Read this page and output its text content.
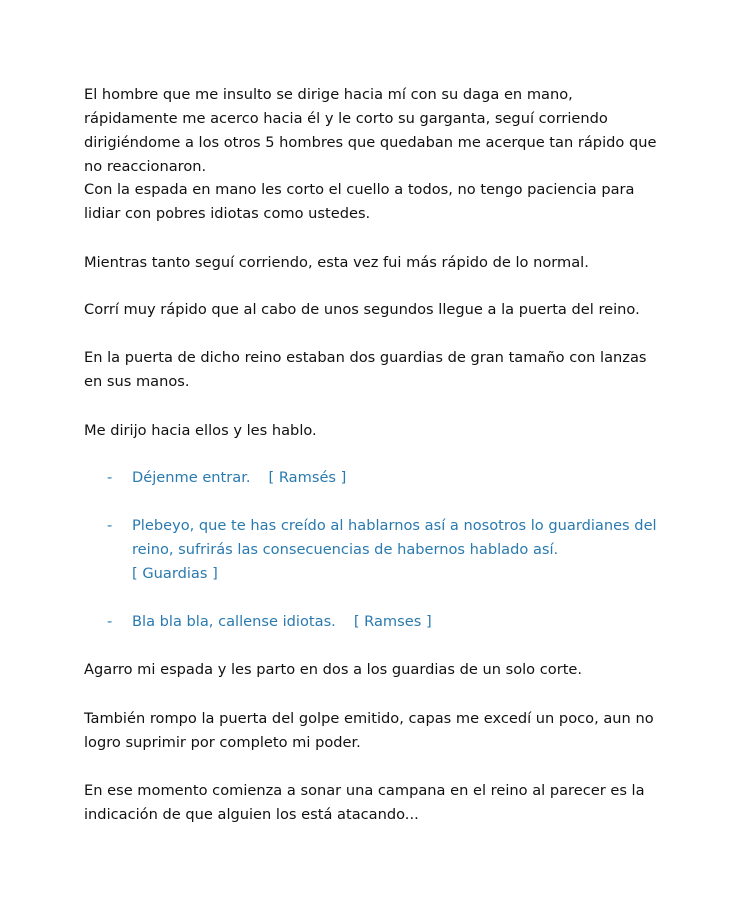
El hombre que me insulto se dirige hacia mí con su daga en mano, rápidamente me acerco hacia él y le corto su garganta, seguí corriendo dirigiéndome a los otros 5 hombres que quedaban me acerque tan rápido que no reaccionaron.
Con la espada en mano les corto el cuello a todos, no tengo paciencia para lidiar con pobres idiotas como ustedes.
Mientras tanto seguí corriendo, esta vez fui más rápido de lo normal.
Corrí muy rápido que al cabo de unos segundos llegue a la puerta del reino.
En la puerta de dicho reino estaban dos guardias de gran tamaño con lanzas en sus manos.
Me dirijo hacia ellos y les hablo.
-	Déjenme entrar. [ Ramsés ]
-	Plebeyo, que te has creído al hablarnos así a nosotros lo guardianes del reino, sufrirás las consecuencias de habernos hablado así.
[ Guardias ]
-	Bla bla bla, callense idiotas. [ Ramses ]
Agarro mi espada y les parto en dos a los guardias de un solo corte.
También rompo la puerta del golpe emitido, capas me excedí un poco, aun no logro suprimir por completo mi poder.
En ese momento comienza a sonar una campana en el reino al parecer es la indicación de que alguien los está atacando...
